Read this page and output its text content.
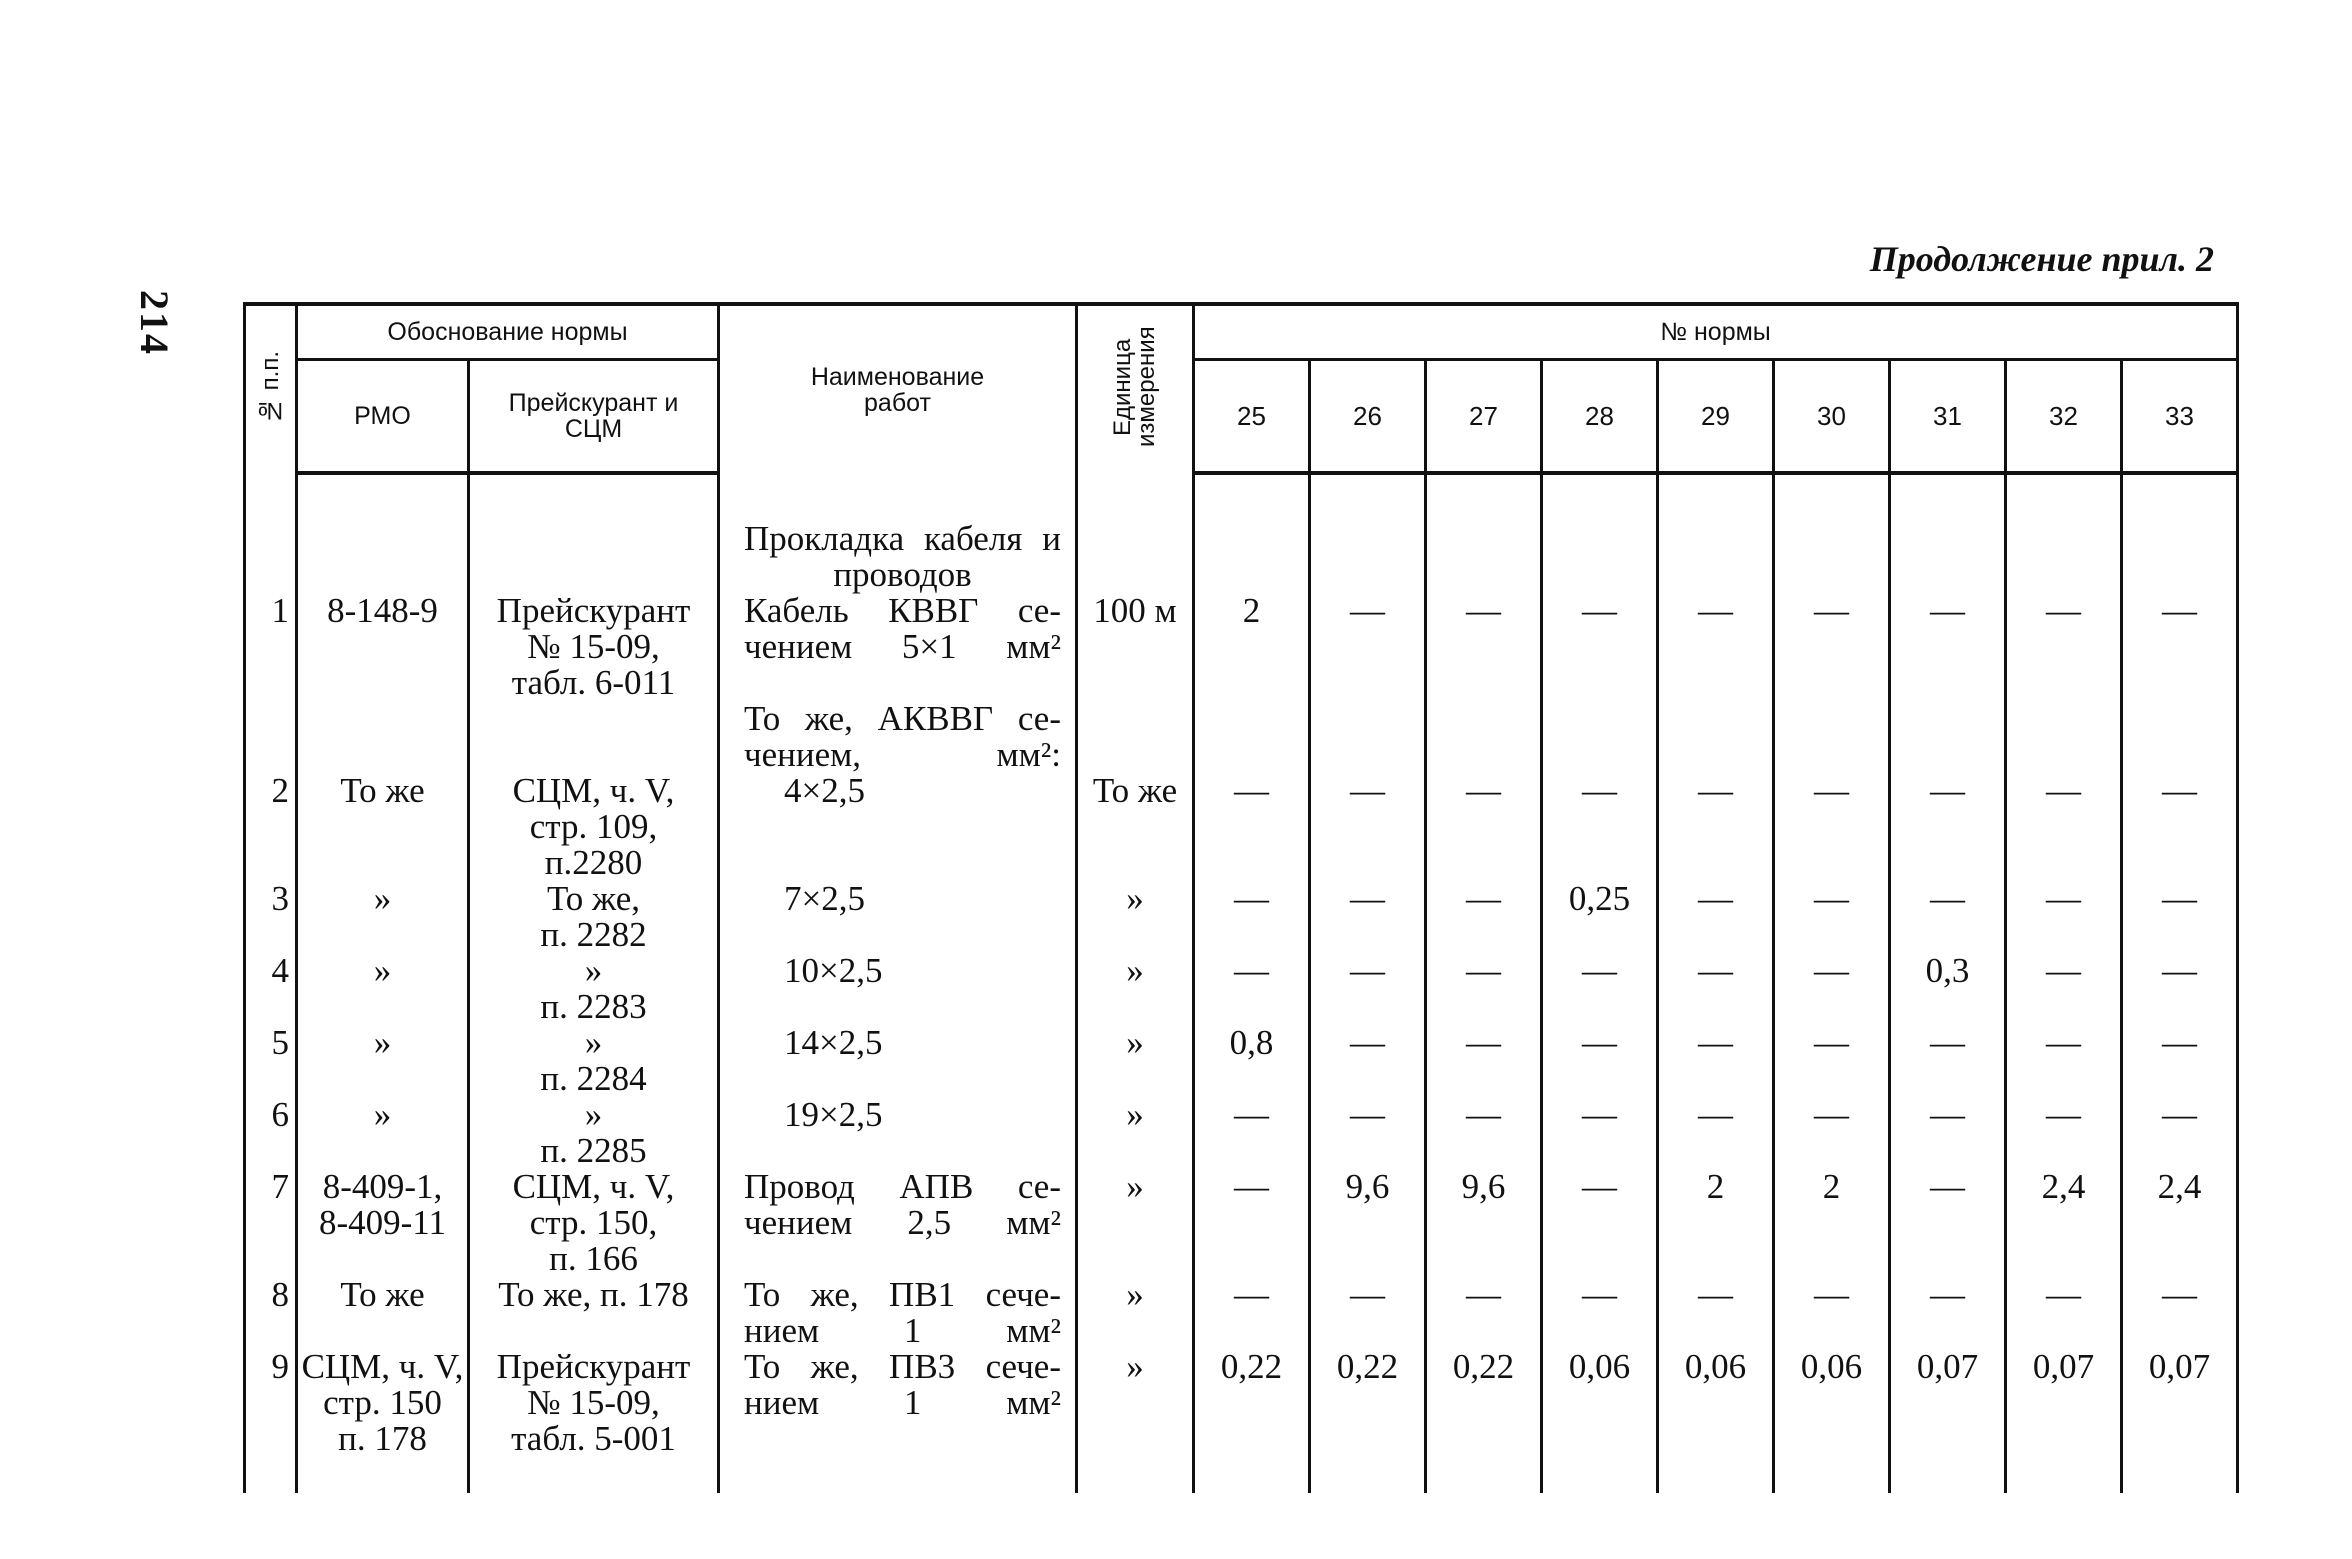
214
Продолжение прил. 2
№ п.п.	Обоснование нормы		Наименование работ	Единица измерения	№ нормы								
	РМО	Прейскурант и СЦМ			25	26	27	28	29	30	31	32	33

1	8-148-9	Прейскурант
№ 15-09,
табл. 6-011	Прокладка кабеля и проводов
Кабель КВВГ се-
чением 5×1 мм²	100 м	2	—	—	—	—	—	—	—	—
2	То же	СЦМ, ч. V,
стр. 109,
п.2280	То же, АКВВГ се-
чением, мм²:
4×2,5	То же	—	—	—	—	—	—	—	—	—
3	»	То же,
п. 2282	7×2,5	»	—	—	—	0,25	—	—	—	—	—
4	»	»
п. 2283	10×2,5	»	—	—	—	—	—	—	0,3	—	—
5	»	»
п. 2284	14×2,5	»	0,8	—	—	—	—	—	—	—	—
6	»	»
п. 2285	19×2,5	»	—	—	—	—	—	—	—	—	—
7	8-409-1,
8-409-11	СЦМ, ч. V,
стр. 150,
п. 166	Провод АПВ се-
чением 2,5 мм²	»	—	9,6	9,6	—	2	2	—	2,4	2,4
8	То же	То же, п. 178	То же, ПВ1 сече-
нием 1 мм²	»	—	—	—	—	—	—	—	—	—
9	СЦМ, ч. V,
стр. 150
п. 178	Прейскурант
№ 15-09,
табл. 5-001	То же, ПВ3 сече-
нием 1 мм²	»	0,22	0,22	0,22	0,06	0,06	0,06	0,07	0,07	0,07
